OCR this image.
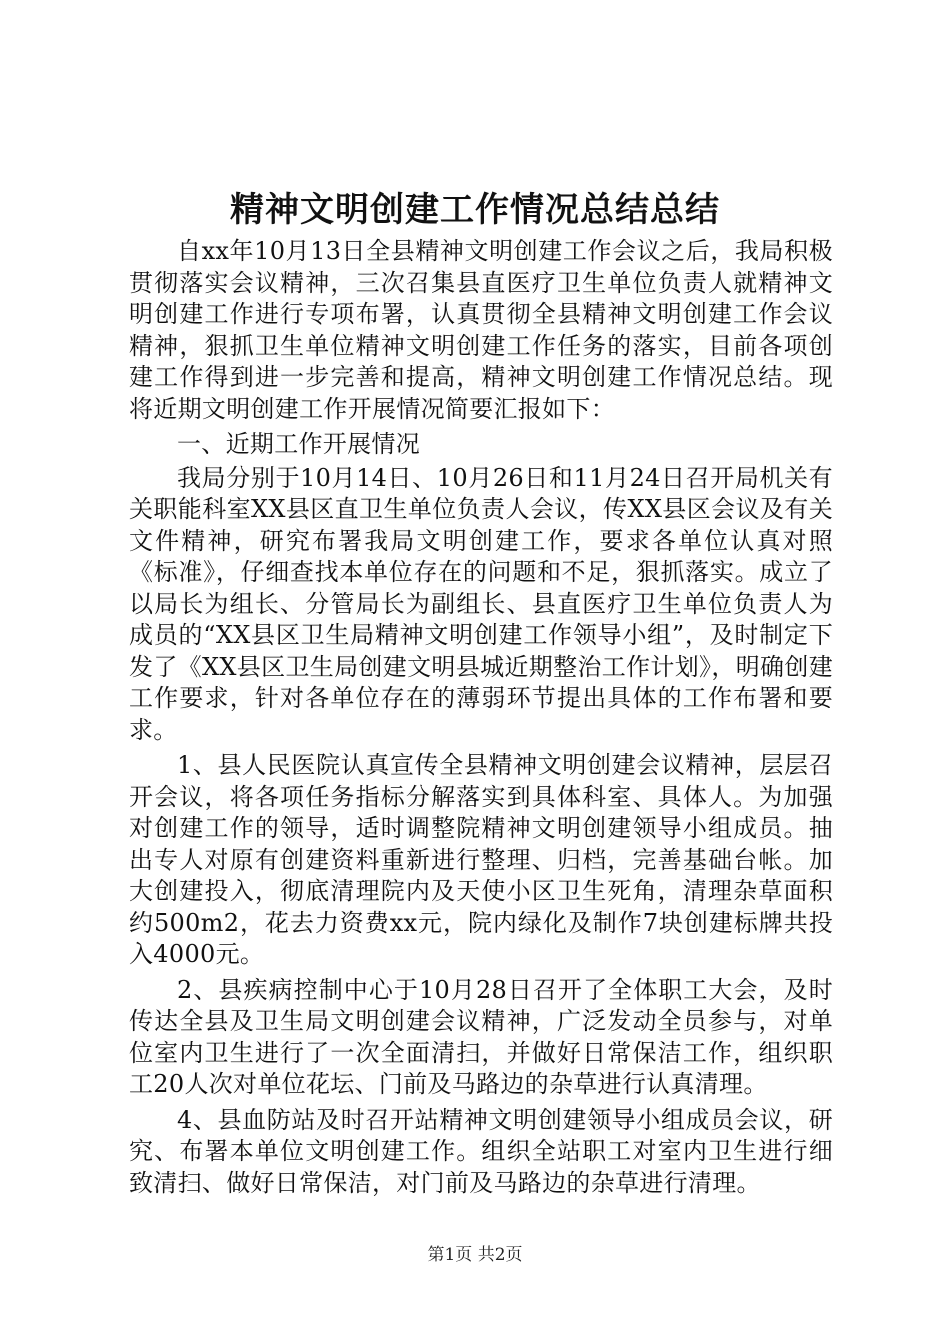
精神文明创建工作情况总结总结

自xx年10月13日全县精神文明创建工作会议之后，我局积极贯彻落实会议精神，三次召集县直医疗卫生单位负责人就精神文明创建工作进行专项布署，认真贯彻全县精神文明创建工作会议精神，狠抓卫生单位精神文明创建工作任务的落实，目前各项创建工作得到进一步完善和提高，精神文明创建工作情况总结。现将近期文明创建工作开展情况简要汇报如下：

一、近期工作开展情况

我局分别于10月14日、10月26日和11月24日召开局机关有关职能科室XX县区直卫生单位负责人会议，传XX县区会议及有关文件精神，研究布署我局文明创建工作，要求各单位认真对照《标准》，仔细查找本单位存在的问题和不足，狠抓落实。成立了以局长为组长、分管局长为副组长、县直医疗卫生单位负责人为成员的“XX县区卫生局精神文明创建工作领导小组”，及时制定下发了《XX县区卫生局创建文明县城近期整治工作计划》，明确创建工作要求，针对各单位存在的薄弱环节提出具体的工作布署和要求。

1、县人民医院认真宣传全县精神文明创建会议精神，层层召开会议，将各项任务指标分解落实到具体科室、具体人。为加强对创建工作的领导，适时调整院精神文明创建领导小组成员。抽出专人对原有创建资料重新进行整理、归档，完善基础台帐。加大创建投入，彻底清理院内及天使小区卫生死角，清理杂草面积约500m2，花去力资费xx元，院内绿化及制作7块创建标牌共投入4000元。

2、县疾病控制中心于10月28日召开了全体职工大会，及时传达全县及卫生局文明创建会议精神，广泛发动全员参与，对单位室内卫生进行了一次全面清扫，并做好日常保洁工作，组织职工20人次对单位花坛、门前及马路边的杂草进行认真清理。

4、县血防站及时召开站精神文明创建领导小组成员会议，研究、布署本单位文明创建工作。组织全站职工对室内卫生进行细致清扫、做好日常保洁，对门前及马路边的杂草进行清理。

第1页 共2页
